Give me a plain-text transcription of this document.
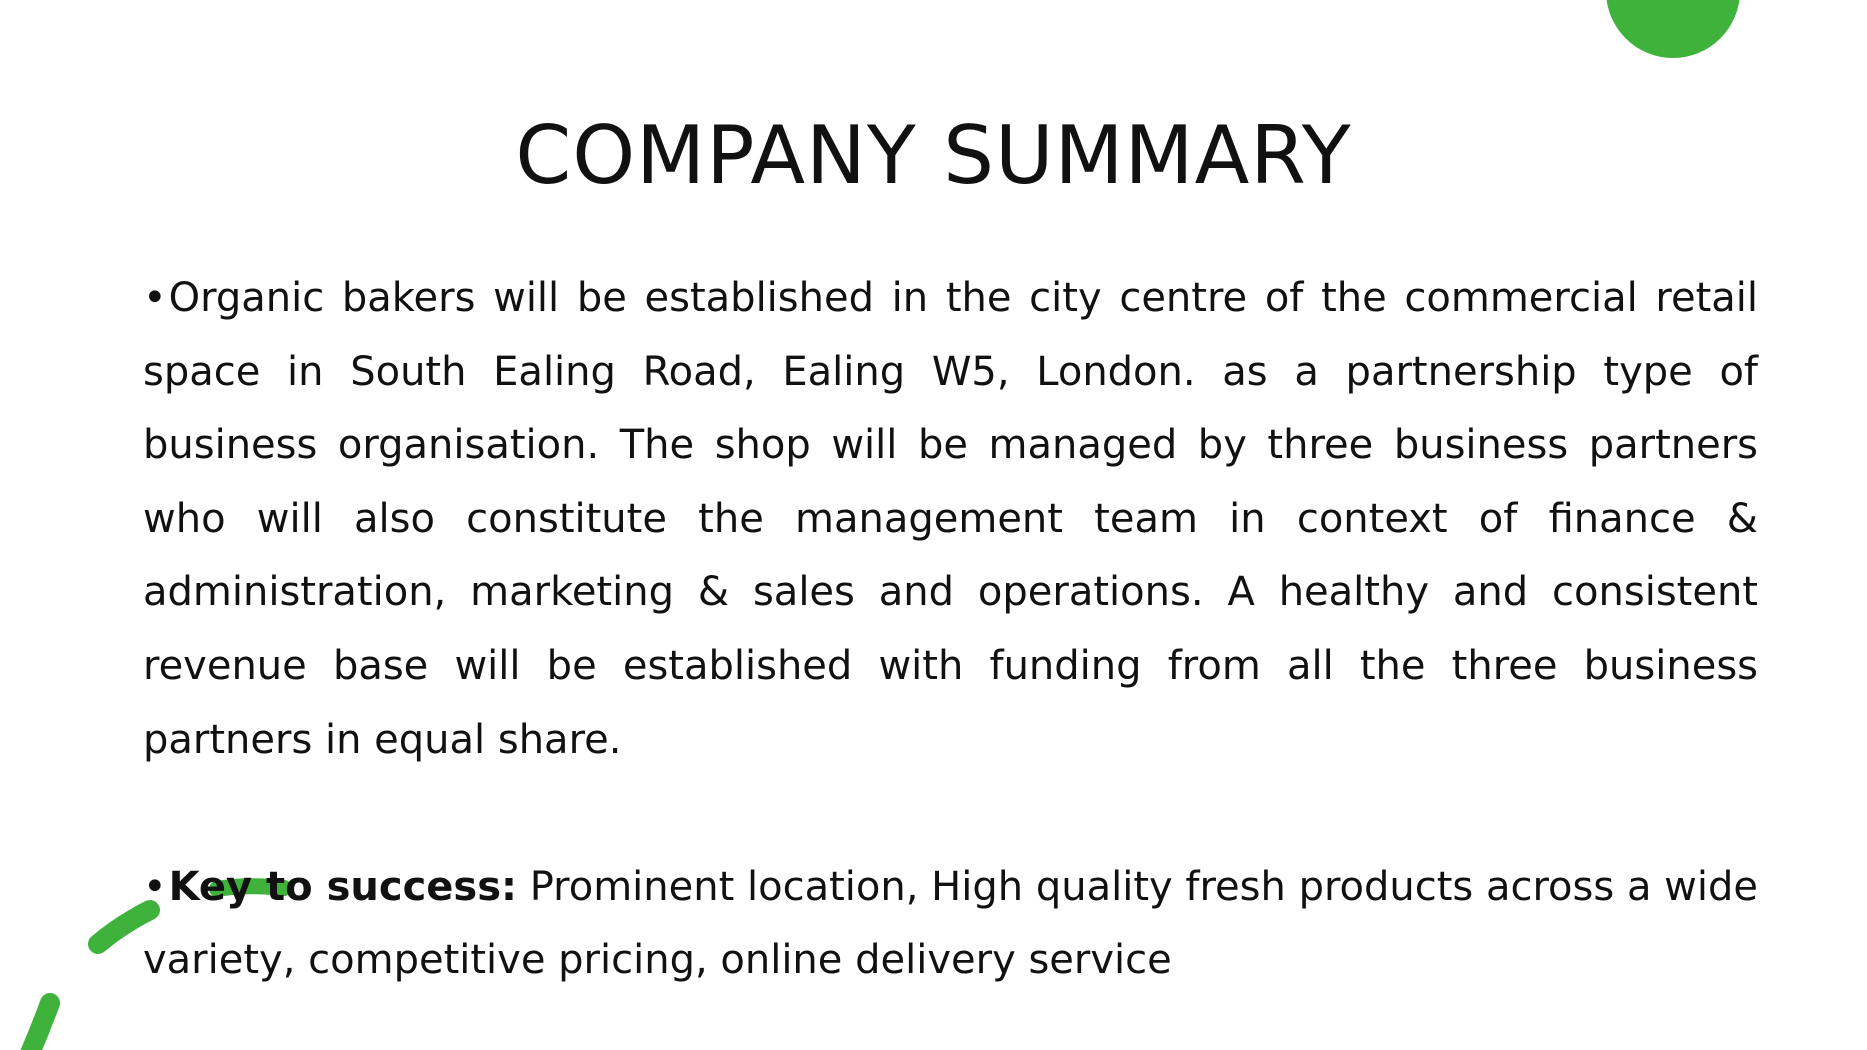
COMPANY SUMMARY

•Organic bakers will be established in the city centre of the commercial retail space in South Ealing Road, Ealing W5, London. as a partnership type of business organisation. The shop will be managed by three business partners who will also constitute the management team in context of finance & administration, marketing & sales and operations. A healthy and consistent revenue base will be established with funding from all the three business partners in equal share.

•Key to success: Prominent location, High quality fresh products across a wide variety, competitive pricing, online delivery service
